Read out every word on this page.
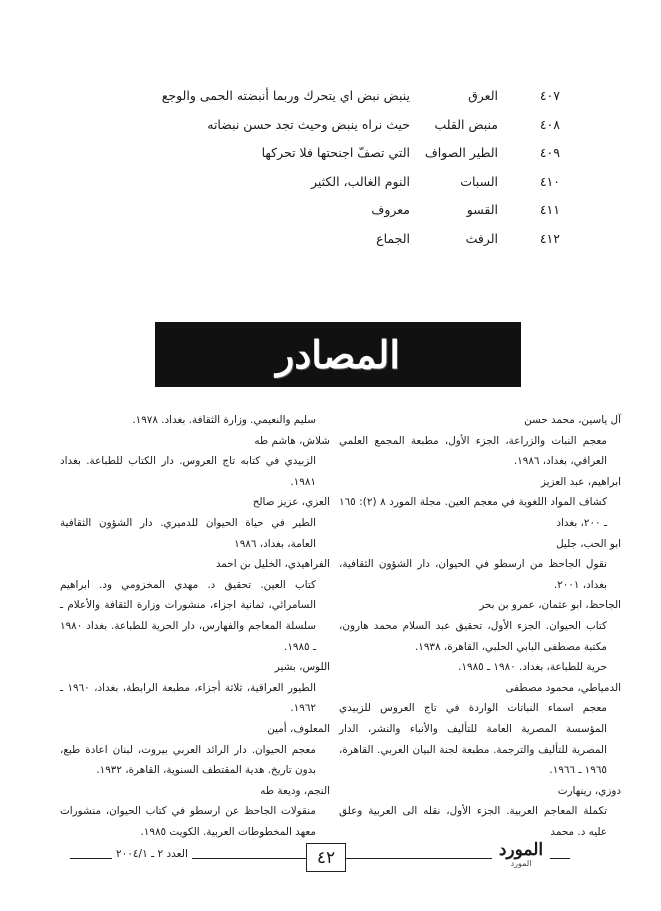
٤٠٧
العرق
ينبض نبض اي يتحرك وربما أنبضته الحمى والوجع
٤٠٨
منبض القلب
حيث نراه ينبض وحيث تجد حسن نبضاته
٤٠٩
الطير الصواف
التي تصفّ اجنحتها فلا تحركها
٤١٠
السبات
النوم الغالب، الكثير
٤١١
القسو
معروف
٤١٢
الرفث
الجماع
المصادر

آل ياسين، محمد حسن

معجم النبات والزراعة، الجزء الأول، مطبعة المجمع العلمي العراقي، بغداد، ١٩٨٦.

ابراهيم، عبد العزيز

كشاف المواد اللغوية في معجم العين. مجلة المورد ٨ (٢): ١٦٥ ـ ٢٠٠، بغداد

ابو الحب، جليل

نقول الجاحظ من ارسطو في الحيوان، دار الشؤون الثقافية، بغداد، ٢٠٠١.

الجاحظ، ابو عثمان، عمرو بن بحر

كتاب الحيوان. الجزء الأول، تحقيق عبد السلام محمد هارون، مكتبة مصطفى البابي الحلبي، القاهرة، ١٩٣٨.

حرية للطباعة، بغداد. ١٩٨٠ ـ ١٩٨٥.

الدمياطي، محمود مصطفى

معجم اسماء النباتات الواردة في تاج العروس للزبيدي المؤسسة المصرية العامة للتأليف والأنباء والنشر، الدار المصرية للتأليف والترجمة. مطبعة لجنة البيان العربي. القاهرة، ١٩٦٥ ـ ١٩٦٦.

دوزي، رينهارت

تكملة المعاجم العربية. الجزء الأول، نقله الى العربية وعلق عليه د. محمد

سليم والنعيمي. وزارة الثقافة. بغداد. ١٩٧٨.

شلاش، هاشم طه

الزبيدي في كتابه تاج العروس. دار الكتاب للطباعة. بغداد ١٩٨١.

العزي، عزيز صالح

الطير في حياة الحيوان للدميري. دار الشؤون الثقافية العامة، بغداد، ١٩٨٦

الفراهيدي، الخليل بن احمد

كتاب العين. تحقيق د. مهدي المخزومي ود. ابراهيم السامرائي، ثمانية اجزاء، منشورات وزارة الثقافة والأعلام ـ سلسلة المعاجم والفهارس، دار الحرية للطباعة. بغداد ١٩٨٠ ـ ١٩٨٥.

اللوس، بشير

الطيور العراقية، ثلاثة أجزاء، مطبعة الرابطة، بغداد، ١٩٦٠ ـ ١٩٦٢.

المعلوف، أمين

معجم الحيوان. دار الرائد العربي بيروت، لبنان اعادة طبع، بدون تاريخ. هدية المقتطف السنوية، القاهرة، ١٩٣٢.

النجم، وديعة طه

منقولات الجاحظ عن ارسطو في كتاب الحيوان، منشورات معهد المخطوطات العربية. الكويت ١٩٨٥.

العدد ٢ ـ ٢٠٠٤/١	٤٢	المورد
المورد
